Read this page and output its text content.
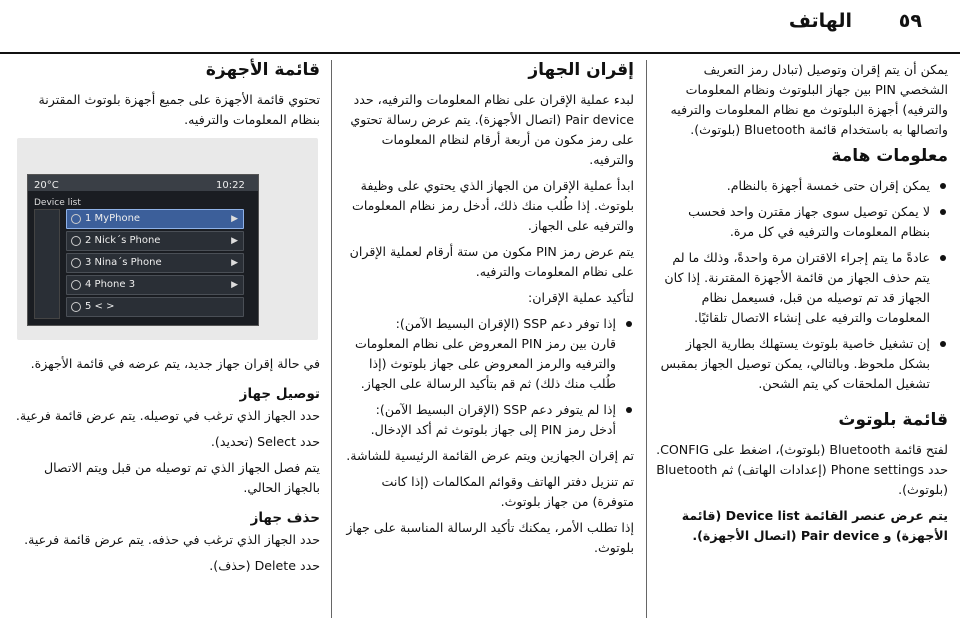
٥٩
الهاتف

يمكن أن يتم إقران وتوصيل (تبادل رمز التعريف الشخصي PIN بين جهاز البلوتوث ونظام المعلومات والترفيه) أجهزة البلوتوث مع نظام المعلومات والترفيه واتصالها به باستخدام قائمة Bluetooth (بلوتوث).

معلومات هامة
يمكن إقران حتى خمسة أجهزة بالنظام.
لا يمكن توصيل سوى جهاز مقترن واحد فحسب بنظام المعلومات والترفيه في كل مرة.
عادةً ما يتم إجراء الاقتران مرة واحدةً، وذلك ما لم يتم حذف الجهاز من قائمة الأجهزة المقترنة. إذا كان الجهاز قد تم توصيله من قبل، فسيعمل نظام المعلومات والترفيه على إنشاء الاتصال تلقائيًا.
إن تشغيل خاصية بلوتوث يستهلك بطارية الجهاز بشكل ملحوظ. وبالتالي، يمكن توصيل الجهاز بمقبس تشغيل الملحقات كي يتم الشحن.
قائمة بلوتوث

لفتح قائمة Bluetooth (بلوتوث)، اضغط على CONFIG. حدد Phone settings (إعدادات الهاتف) ثم Bluetooth (بلوتوث).

يتم عرض عنصر القائمة Device list (قائمة الأجهزة) و Pair device (اتصال الأجهزة).

إقران الجهاز

لبدء عملية الإقران على نظام المعلومات والترفيه، حدد Pair device (اتصال الأجهزة). يتم عرض رسالة تحتوي على رمز مكون من أربعة أرقام لنظام المعلومات والترفيه.

ابدأ عملية الإقران من الجهاز الذي يحتوي على وظيفة بلوتوث. إذا طُلب منك ذلك، أدخل رمز نظام المعلومات والترفيه على الجهاز.

يتم عرض رمز PIN مكون من ستة أرقام لعملية الإقران على نظام المعلومات والترفيه.

لتأكيد عملية الإقران:

إذا توفر دعم SSP (الإقران البسيط الآمن):
قارن بين رمز PIN المعروض على نظام المعلومات والترفيه والرمز المعروض على جهاز بلوتوث (إذا طُلب منك ذلك) ثم قم بتأكيد الرسالة على الجهاز.
إذا لم يتوفر دعم SSP (الإقران البسيط الآمن):
أدخل رمز PIN إلى جهاز بلوتوث ثم أكد الإدخال.

تم إقران الجهازين ويتم عرض القائمة الرئيسية للشاشة.

تم تنزيل دفتر الهاتف وقوائم المكالمات (إذا كانت متوفرة) من جهاز بلوتوث.

إذا تطلب الأمر، يمكنك تأكيد الرسالة المناسبة على جهاز بلوتوث.

قائمة الأجهزة

تحتوي قائمة الأجهزة على جميع أجهزة بلوتوث المقترنة بنظام المعلومات والترفيه.

20°C	10:22
Device list
1 MyPhone	▶
2 Nick´s Phone	▶
3 Nina´s Phone	▶
4 Phone 3	▶
5 < >

في حالة إقران جهاز جديد، يتم عرضه في قائمة الأجهزة.

توصيل جهاز

حدد الجهاز الذي ترغب في توصيله. يتم عرض قائمة فرعية.

حدد Select (تحديد).

يتم فصل الجهاز الذي تم توصيله من قبل ويتم الاتصال بالجهاز الحالي.

حذف جهاز

حدد الجهاز الذي ترغب في حذفه. يتم عرض قائمة فرعية.

حدد Delete (حذف).
